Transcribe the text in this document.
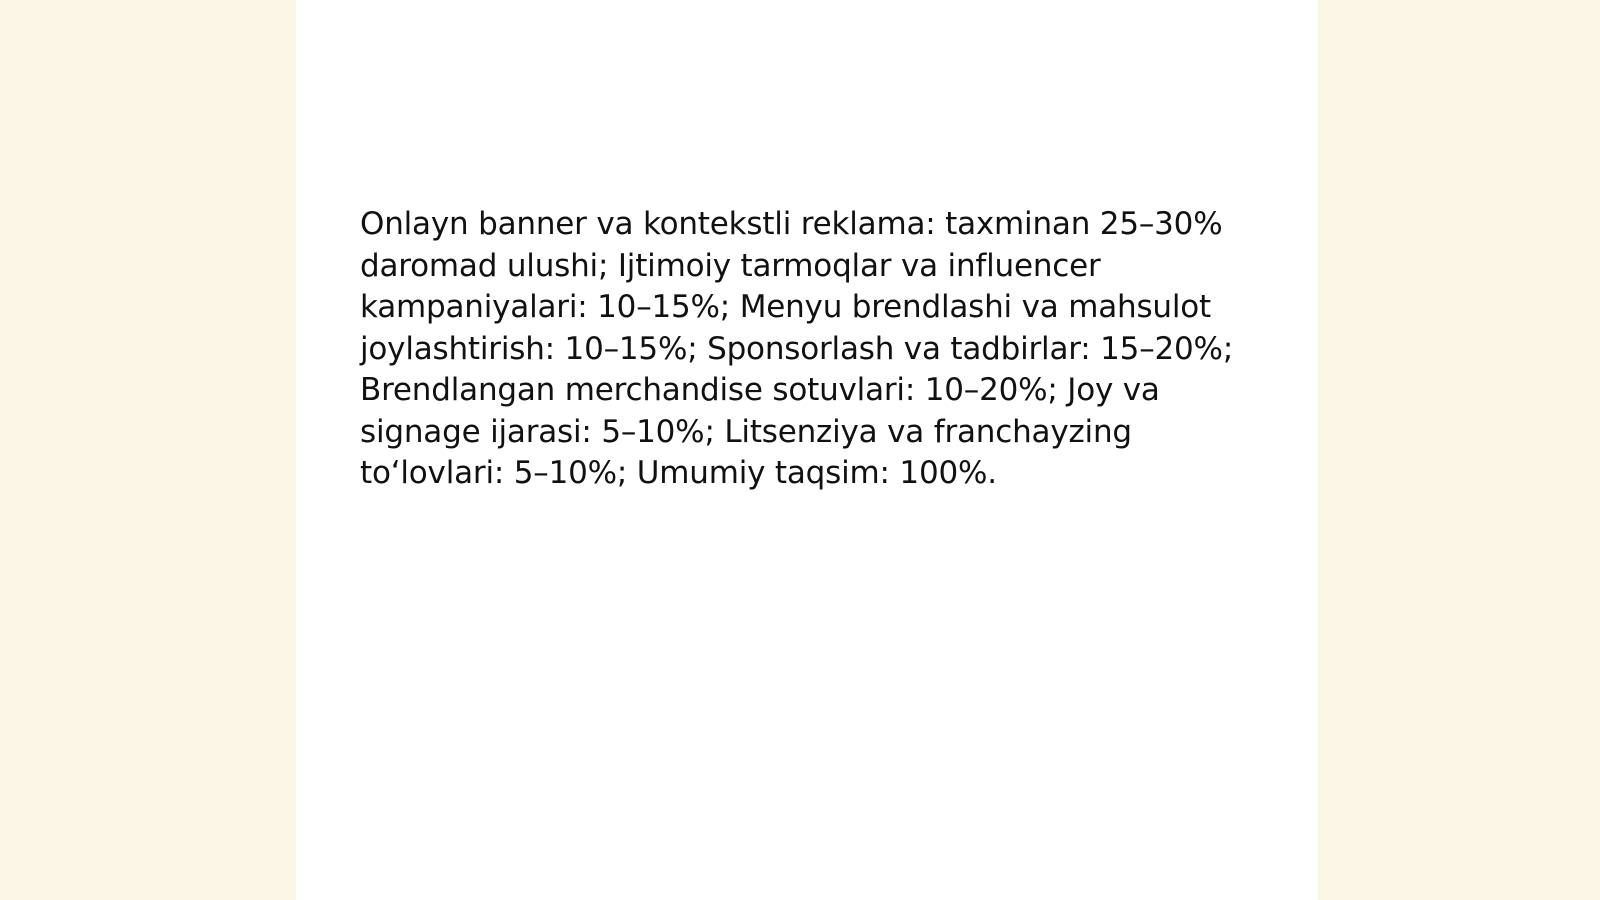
Onlayn banner va kontekstli reklama: taxminan 25–30% daromad ulushi; Ijtimoiy tarmoqlar va influencer kampaniyalari: 10–15%; Menyu brendlashi va mahsulot joylashtirish: 10–15%; Sponsorlash va tadbirlar: 15–20%; Brendlangan merchandise sotuvlari: 10–20%; Joy va signage ijarasi: 5–10%; Litsenziya va franchayzing toʻlovlari: 5–10%; Umumiy taqsim: 100%.
